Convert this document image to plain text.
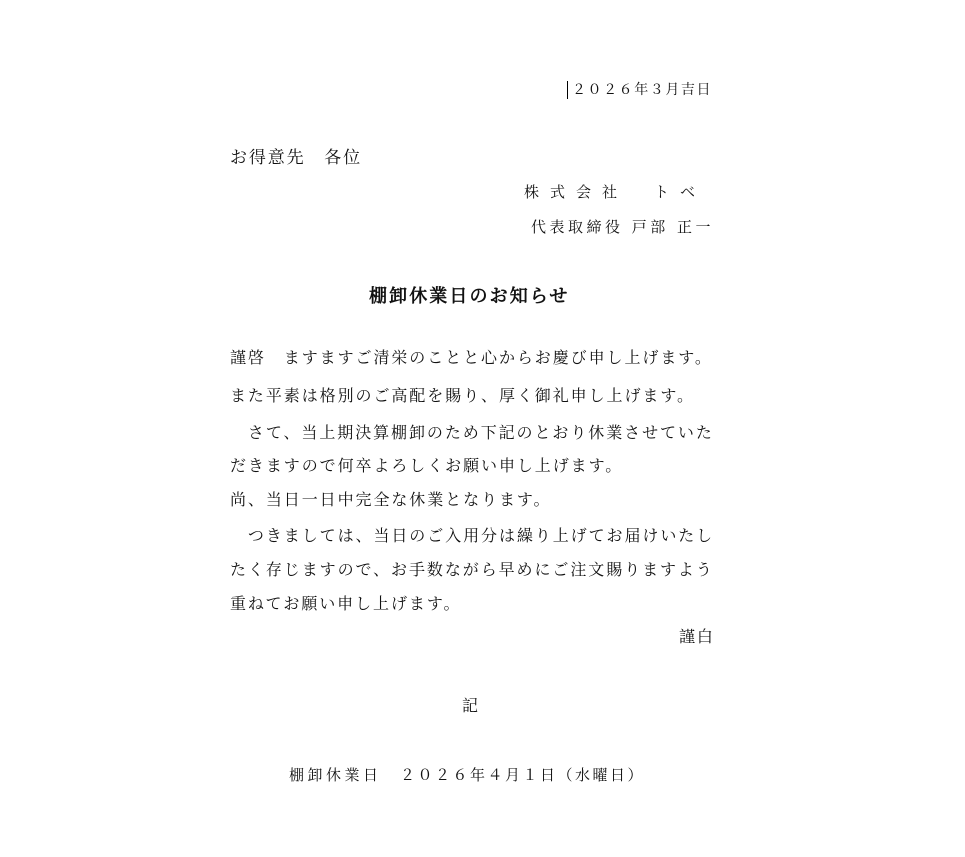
２０２６年３月吉日
お得意先　各位
株式会社　トベ
代表取締役 戸部 正一
棚卸休業日のお知らせ
謹啓　ますますご清栄のことと心からお慶び申し上げます。
また平素は格別のご高配を賜り、厚く御礼申し上げます。
　さて、当上期決算棚卸のため下記のとおり休業させていた
だきますので何卒よろしくお願い申し上げます。
尚、当日一日中完全な休業となります。
　つきましては、当日のご入用分は繰り上げてお届けいたし
たく存じますので、お手数ながら早めにご注文賜りますよう
重ねてお願い申し上げます。
謹白
記
棚卸休業日 ２０２６年４月１日（水曜日）
